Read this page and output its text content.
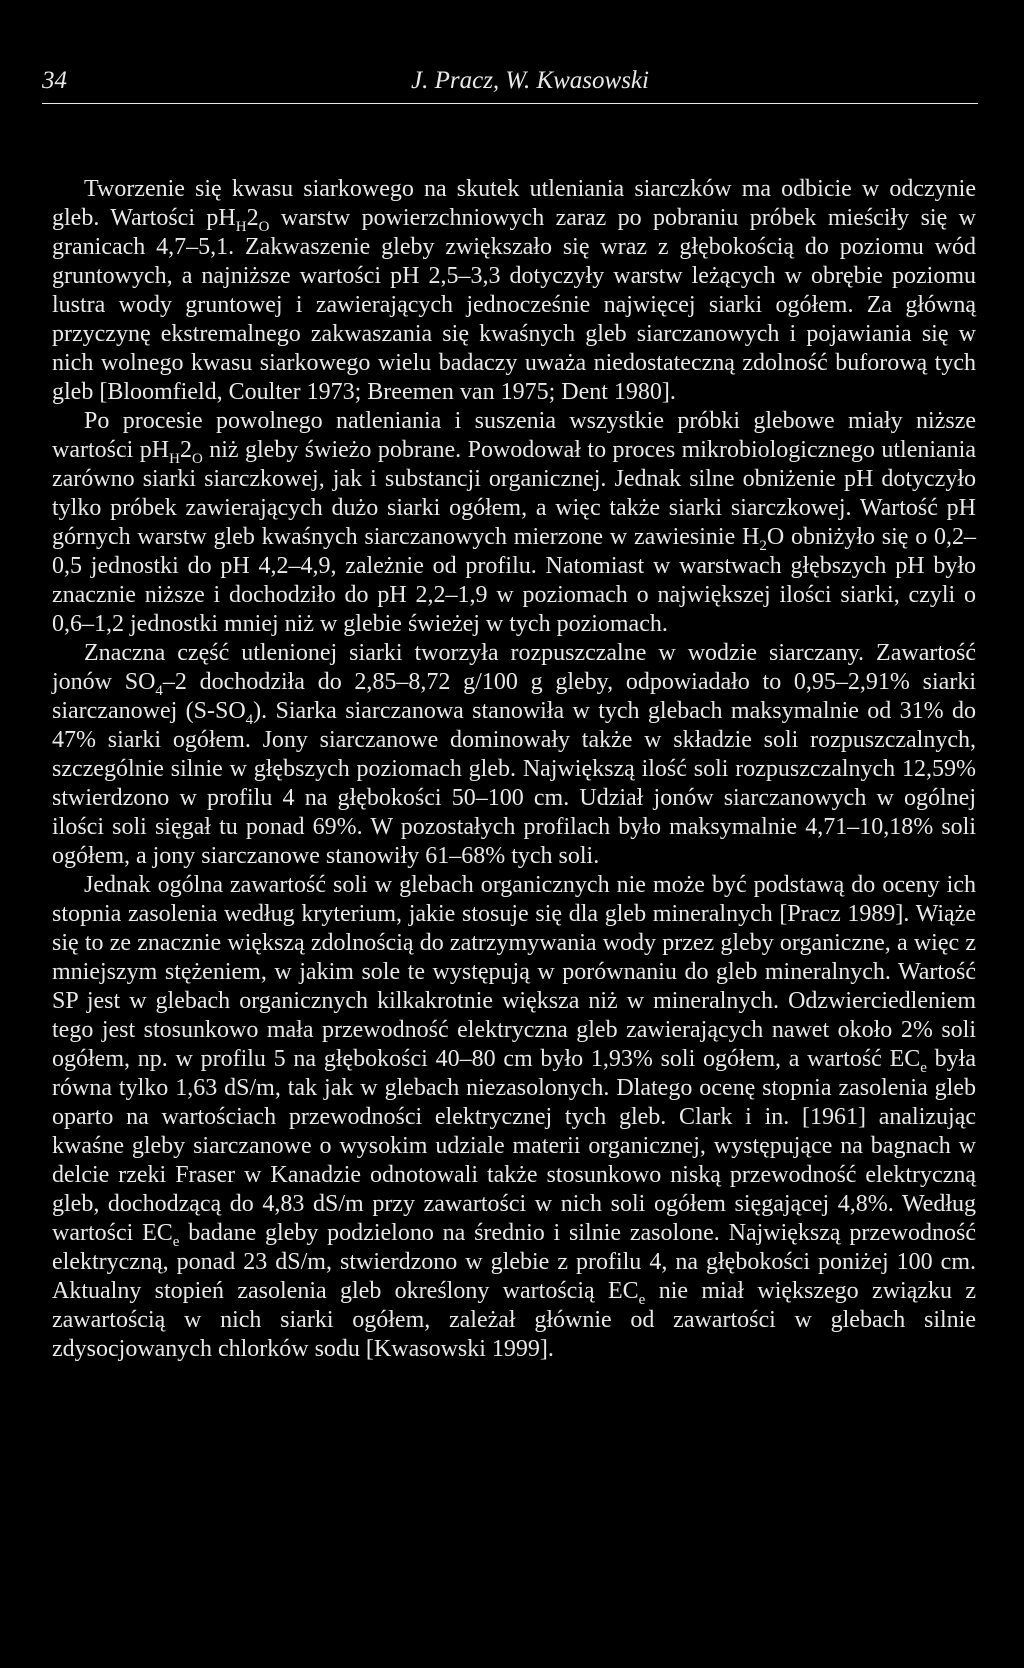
34	J. Pracz, W. Kwasowski

Tworzenie się kwasu siarkowego na skutek utleniania siarczków ma odbicie w odczynie gleb. Wartości $pH_H2_O$ warstw powierzchniowych zaraz po pobraniu próbek mieściły się w granicach 4,7–5,1. Zakwaszenie gleby zwiększało się wraz z głębokością do poziomu wód gruntowych, a najniższe wartości pH 2,5–3,3 dotyczyły warstw leżących w obrębie poziomu lustra wody gruntowej i zawierających jednocześnie najwięcej siarki ogółem. Za główną przyczynę ekstremalnego zakwaszania się kwaśnych gleb siarczanowych i pojawiania się w nich wolnego kwasu siarkowego wielu badaczy uważa niedostateczną zdolność buforową tych gleb [Bloomfield, Coulter 1973; Breemen van 1975; Dent 1980].

Po procesie powolnego natleniania i suszenia wszystkie próbki glebowe miały niższe wartości $pH_H2_O$ niż gleby świeżo pobrane. Powodował to proces mikrobiologicznego utleniania zarówno siarki siarczkowej, jak i substancji organicznej. Jednak silne obniżenie pH dotyczyło tylko próbek zawierających dużo siarki ogółem, a więc także siarki siarczkowej. Wartość pH górnych warstw gleb kwaśnych siarczanowych mierzone w zawiesinie $H_2O$ obniżyło się o 0,2–0,5 jednostki do pH 4,2–4,9, zależnie od profilu. Natomiast w warstwach głębszych pH było znacznie niższe i dochodziło do pH 2,2–1,9 w poziomach o największej ilości siarki, czyli o 0,6–1,2 jednostki mniej niż w glebie świeżej w tych poziomach.

Znaczna część utlenionej siarki tworzyła rozpuszczalne w wodzie siarczany. Zawartość jonów $SO_4-2$ dochodziła do 2,85–8,72 g/100 g gleby, odpowiadało to 0,95–2,91% siarki siarczanowej $(S-SO_4)$. Siarka siarczanowa stanowiła w tych glebach maksymalnie od 31% do 47% siarki ogółem. Jony siarczanowe dominowały także w składzie soli rozpuszczalnych, szczególnie silnie w głębszych poziomach gleb. Największą ilość soli rozpuszczalnych 12,59% stwierdzono w profilu 4 na głębokości 50–100 cm. Udział jonów siarczanowych w ogólnej ilości soli sięgał tu ponad 69%. W pozostałych profilach było maksymalnie 4,71–10,18% soli ogółem, a jony siarczanowe stanowiły 61–68% tych soli.

Jednak ogólna zawartość soli w glebach organicznych nie może być podstawą do oceny ich stopnia zasolenia według kryterium, jakie stosuje się dla gleb mineralnych [Pracz 1989]. Wiąże się to ze znacznie większą zdolnością do zatrzymywania wody przez gleby organiczne, a więc z mniejszym stężeniem, w jakim sole te występują w porównaniu do gleb mineralnych. Wartość SP jest w glebach organicznych kilkakrotnie większa niż w mineralnych. Odzwierciedleniem tego jest stosunkowo mała przewodność elektryczna gleb zawierających nawet około 2% soli ogółem, np. w profilu 5 na głębokości 40–80 cm było 1,93% soli ogółem, a wartość $EC_e$ była równa tylko 1,63 dS/m, tak jak w glebach niezasolonych. Dlatego ocenę stopnia zasolenia gleb oparto na wartościach przewodności elektrycznej tych gleb. Clark i in. [1961] analizując kwaśne gleby siarczanowe o wysokim udziale materii organicznej, występujące na bagnach w delcie rzeki Fraser w Kanadzie odnotowali także stosunkowo niską przewodność elektryczną gleb, dochodzącą do 4,83 dS/m przy zawartości w nich soli ogółem sięgającej 4,8%. Według wartości $EC_e$ badane gleby podzielono na średnio i silnie zasolone. Największą przewodność elektryczną, ponad 23 dS/m, stwierdzono w glebie z profilu 4, na głębokości poniżej 100 cm. Aktualny stopień zasolenia gleb określony wartością $EC_e$ nie miał większego związku z zawartością w nich siarki ogółem, zależał głównie od zawartości w glebach silnie zdysocjowanych chlorków sodu [Kwasowski 1999].
